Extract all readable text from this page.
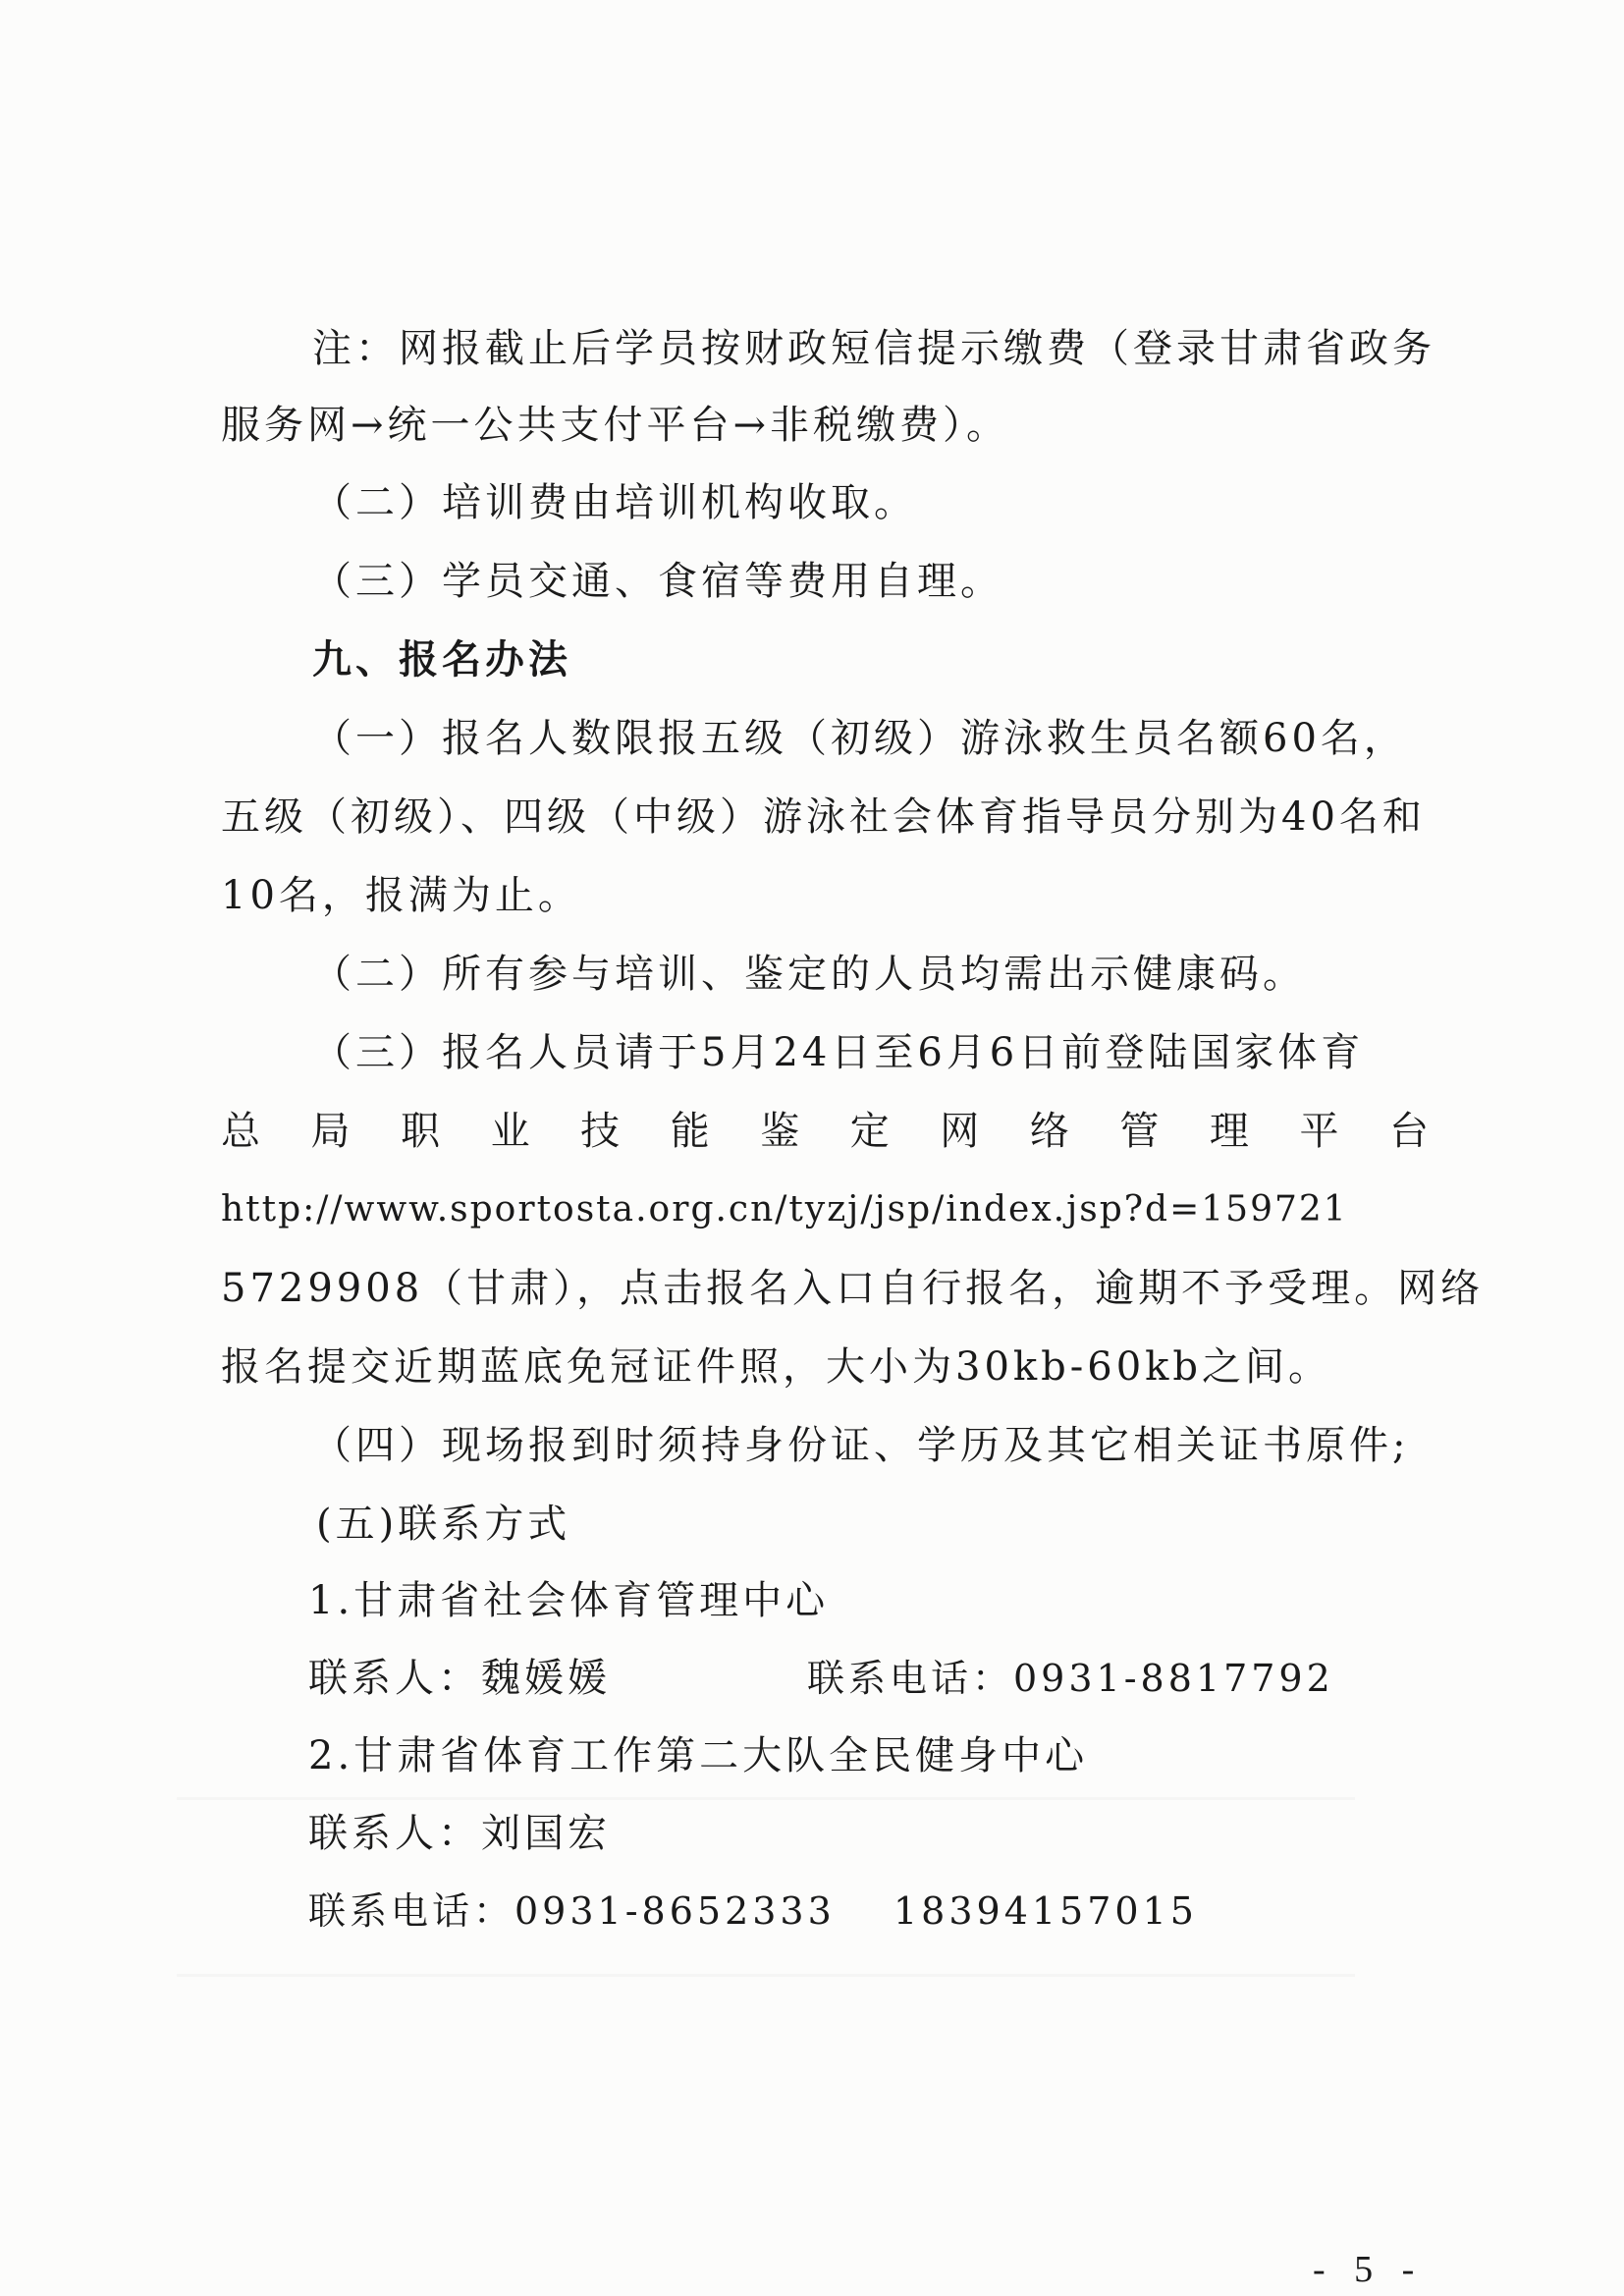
注：网报截止后学员按财政短信提示缴费（登录甘肃省政务
服务网→统一公共支付平台→非税缴费）。
（二）培训费由培训机构收取。
（三）学员交通、食宿等费用自理。
九、报名办法
（一）报名人数限报五级（初级）游泳救生员名额60名，
五级（初级）、四级（中级）游泳社会体育指导员分别为40名和
10名，报满为止。
（二）所有参与培训、鉴定的人员均需出示健康码。
（三）报名人员请于5月24日至6月6日前登陆国家体育
总局职业技能鉴定网络管理平台
http://www.sportosta.org.cn/tyzj/jsp/index.jsp?d=159721
5729908（甘肃），点击报名入口自行报名，逾期不予受理。网络
报名提交近期蓝底免冠证件照，大小为30kb-60kb之间。
（四）现场报到时须持身份证、学历及其它相关证书原件;
(五)联系方式
1.甘肃省社会体育管理中心
联系人：魏媛媛	联系电话：0931-8817792
2.甘肃省体育工作第二大队全民健身中心
联系人：刘国宏
联系电话：0931-8652333 18394157015
- 5 -
